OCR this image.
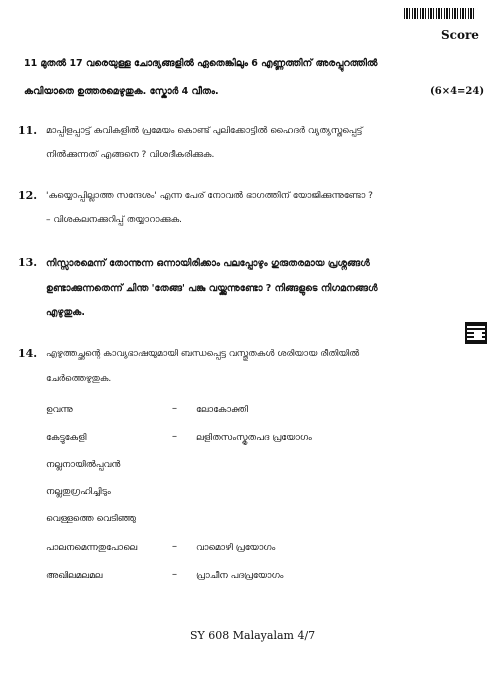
Score
11 മുതൽ 17 വരെയുള്ള ചോദ്യങ്ങളിൽ ഏതെങ്കിലും 6 എണ്ണത്തിന് അരപ്പുറത്തിൽ
കവിയാതെ ഉത്തരമെഴുതുക. സ്കോർ 4 വീതം.	(6×4=24)
11. മാപ്പിളപ്പാട്ട് കവികളിൽ പ്രമേയം കൊണ്ട് പുലിക്കോട്ടിൽ ഹൈദർ വ്യത്യസ്തപ്പെട്ട്
നിൽക്കുന്നത് എങ്ങനെ ? വിശദീകരിക്കുക.
12. 'കയ്യൊപ്പില്ലാത്ത സന്ദേശം' എന്ന പേര് നോവൽ ഭാഗത്തിന് യോജിക്കുന്നുണ്ടോ ?
– വിശകലനക്കുറിപ്പ് തയ്യാറാക്കുക.
13. നിസ്സാരമെന്ന് തോന്നുന്ന ഒന്നായിരിക്കാം പലപ്പോഴും ഗുരുതരമായ പ്രശ്നങ്ങൾ
ഉണ്ടാക്കുന്നതെന്ന് ചിന്ത 'തേങ്ങ' പങ്കു വയ്ക്കുന്നുണ്ടോ ? നിങ്ങളുടെ നിഗമനങ്ങൾ
എഴുതുക.
14. എഴുത്തച്ഛന്റെ കാവ്യഭാഷയുമായി ബന്ധപ്പെട്ട വസ്തുതകൾ ശരിയായ രീതിയിൽ
ചേർത്തെഴുതുക.
ഉവന്നു	– ലോകോക്തി
കേട്ടുകേളി	– ലളിതസംസ്കൃതപദ പ്രയോഗം
നല്ലനായിൽപ്പവൻ
നല്ലതുഗ്രഹിച്ചിടും
വെള്ളത്തെ വെടിഞ്ഞു
പാലനമെന്നതുപോലെ	– വാമൊഴി പ്രയോഗം
അഖിലമലമല	– പ്രാചീന പദപ്രയോഗം
SY 608 Malayalam 4/7
